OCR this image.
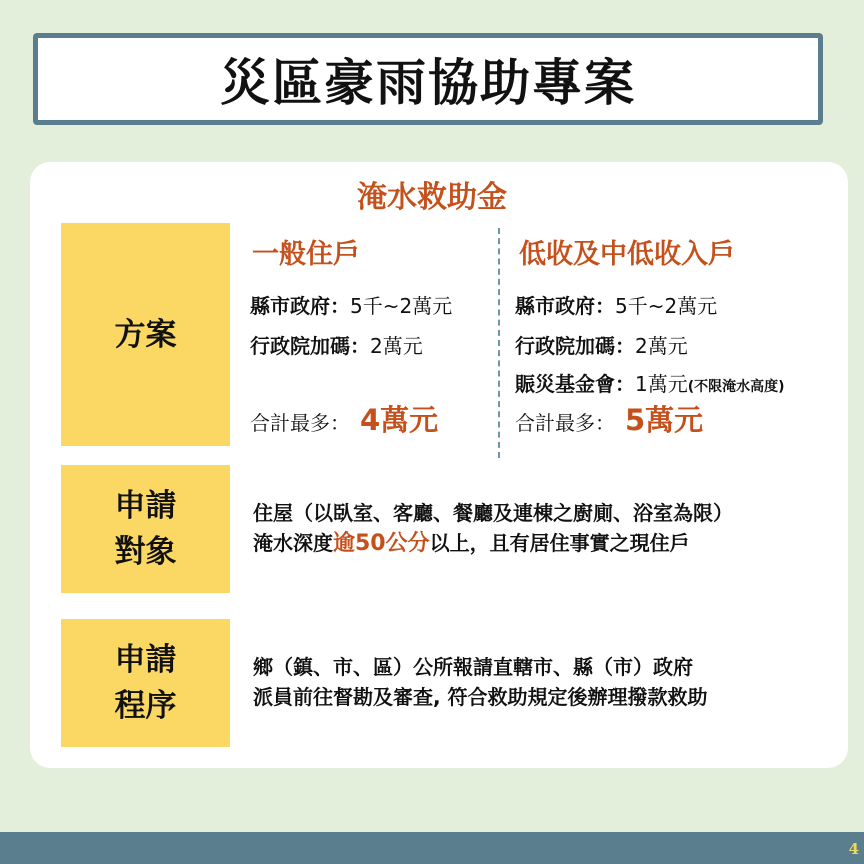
災區豪雨協助專案
淹水救助金
方案
申請
對象
申請
程序
一般住戶
縣市政府：5千~2萬元
行政院加碼：2萬元
合計最多： 4萬元
低收及中低收入戶
縣市政府：5千~2萬元
行政院加碼：2萬元
賑災基金會：1萬元(不限淹水高度)
合計最多： 5萬元
住屋（以臥室、客廳、餐廳及連棟之廚廁、浴室為限）
淹水深度逾50公分以上，且有居住事實之現住戶
鄉（鎮、市、區）公所報請直轄市、縣（市）政府
派員前往督勘及審查, 符合救助規定後辦理撥款救助
4
